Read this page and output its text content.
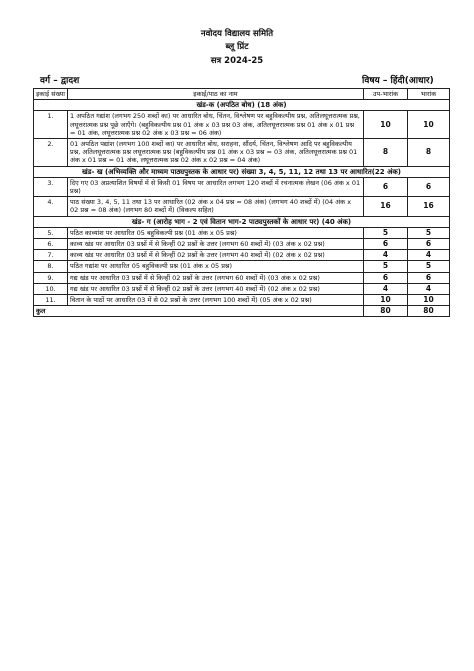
नवोदय विद्यालय समिति
ब्लू प्रिंट
सत्र 2024-25
वर्ग – द्वादश	विषय – हिंदी(आधार)
इकाई संख्या	इकाई/पाठ का नाम	उप-भारांक	भारांक
खंड-क (अपठित बोध) (18 अंक)			
1.	1 अपठित गद्यांश (लगभग 250 शब्दों का) पर आधारित बोध, चिंतन, विश्लेषण पर बहुविकल्पीय प्रश्न, अतिलघूत्तरात्मक प्रश्न, लघूत्तरात्मक प्रश्न पूछे जाएँगे। (बहुविकल्पीय प्रश्न 01 अंक x 03 प्रश्न 03 अंक, अतिलघूत्तरात्मक प्रश्न 01 अंक x 01 प्रश्न = 01 अंक, लघूत्तरात्मक प्रश्न 02 अंक x 03 प्रश्न = 06 अंक)	10	10
2.	01 अपठित पद्यांश (लगभग 100 शब्दों का) पर आधारित बोध, सराहना, सौंदर्य, चिंतन, विश्लेषण आदि पर बहुविकल्पीय प्रश्न, अतिलघूत्तरात्मक प्रश्न लघूत्तरात्मक प्रश्न (बहुविकल्पीय प्रश्न 01 अंक x 03 प्रश्न = 03 अंक, अतिलघूत्तरात्मक प्रश्न 01 अंक x 01 प्रश्न = 01 अंक, लघूत्तरात्मक प्रश्न 02 अंक x 02 प्रश्न = 04 अंक)	8	8
खंड- ख (अभिव्यक्ति और माध्यम पाठ्यपुस्तक के आधार पर) संख्या 3, 4, 5, 11, 12 तथा 13 पर आधारित(22 अंक)			
3.	दिए गए 03 अप्रत्याशित विषयों में से किसी 01 विषय पर आधारित लगभग 120 शब्दों में रचनात्मक लेखन (06 अंक x 01 प्रश्न)	6	6
4.	पाठ संख्या 3, 4, 5, 11 तथा 13 पर आधारित (02 अंक x 04 प्रश्न = 08 अंक) (लगभग 40 शब्दों में) (04 अंक x 02 प्रश्न = 08 अंक) (लगभग 80 शब्दों में) (विकल्प सहित)	16	16
खंड- ग (आरोह भाग - 2 एवं वितान भाग-2 पाठ्यपुस्तकों के आधार पर) (40 अंक)			
5.	पठित काव्यांश पर आधारित 05 बहुविकल्पी प्रश्न (01 अंक x 05 प्रश्न)	5	5
6.	काव्य खंड पर आधारित 03 प्रश्नों में से किन्हीं 02 प्रश्नों के उत्तर (लगभग 60 शब्दों में) (03 अंक x 02 प्रश्न)	6	6
7.	काव्य खंड पर आधारित 03 प्रश्नों में से किन्हीं 02 प्रश्नों के उत्तर (लगभग 40 शब्दों में) (02 अंक x 02 प्रश्न)	4	4
8.	पठित गद्यांश पर आधारित 05 बहुविकल्पी प्रश्न (01 अंक x 05 प्रश्न)	5	5
9.	गद्य खंड पर आधारित 03 प्रश्नों में से किन्हीं 02 प्रश्नों के उत्तर (लगभग 60 शब्दों में) (03 अंक x 02 प्रश्न)	6	6
10.	गद्य खंड पर आधारित 03 प्रश्नों में से किन्हीं 02 प्रश्नों के उत्तर (लगभग 40 शब्दों में) (02 अंक x 02 प्रश्न)	4	4
11.	वितान के पाठों पर आधारित 03 में से 02 प्रश्नों के उत्तर (लगभग 100 शब्दों में) (05 अंक x 02 प्रश्न)	10	10
कुल		80	80
